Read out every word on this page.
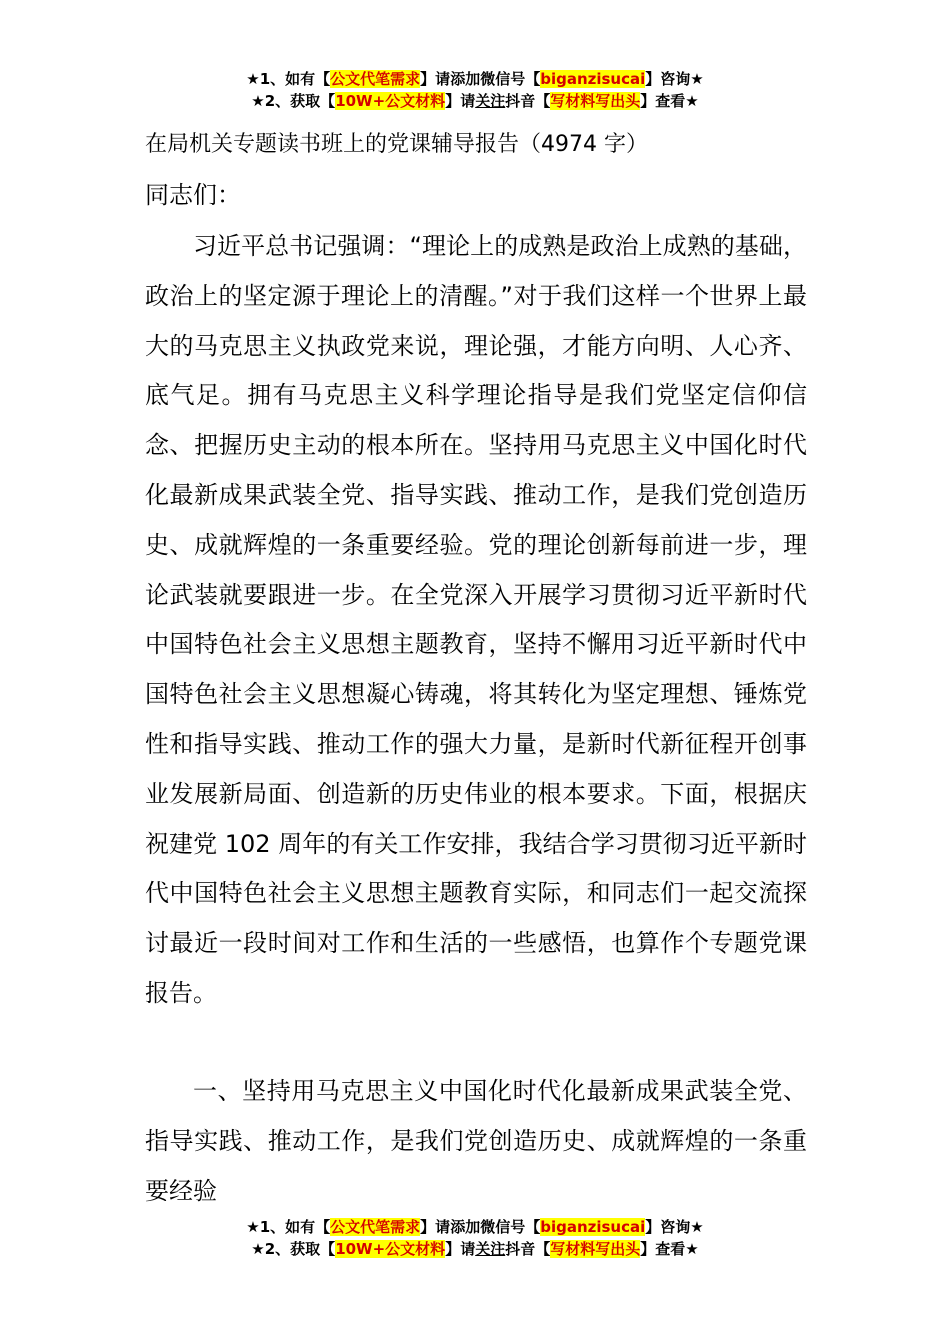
★1、如有【公文代笔需求】请添加微信号【biganzisucai】咨询★
★2、获取【10W+公文材料】请关注抖音【写材料写出头】查看★
在局机关专题读书班上的党课辅导报告（4974 字）
同志们：

习近平总书记强调：“理论上的成熟是政治上成熟的基础，政治上的坚定源于理论上的清醒。”对于我们这样一个世界上最大的马克思主义执政党来说，理论强，才能方向明、人心齐、底气足。拥有马克思主义科学理论指导是我们党坚定信仰信念、把握历史主动的根本所在。坚持用马克思主义中国化时代化最新成果武装全党、指导实践、推动工作，是我们党创造历史、成就辉煌的一条重要经验。党的理论创新每前进一步，理论武装就要跟进一步。在全党深入开展学习贯彻习近平新时代中国特色社会主义思想主题教育，坚持不懈用习近平新时代中国特色社会主义思想凝心铸魂，将其转化为坚定理想、锤炼党性和指导实践、推动工作的强大力量，是新时代新征程开创事业发展新局面、创造新的历史伟业的根本要求。下面，根据庆祝建党 102 周年的有关工作安排，我结合学习贯彻习近平新时代中国特色社会主义思想主题教育实际，和同志们一起交流探讨最近一段时间对工作和生活的一些感悟，也算作个专题党课报告。

一、坚持用马克思主义中国化时代化最新成果武装全党、指导实践、推动工作，是我们党创造历史、成就辉煌的一条重要经验

★1、如有【公文代笔需求】请添加微信号【biganzisucai】咨询★
★2、获取【10W+公文材料】请关注抖音【写材料写出头】查看★
